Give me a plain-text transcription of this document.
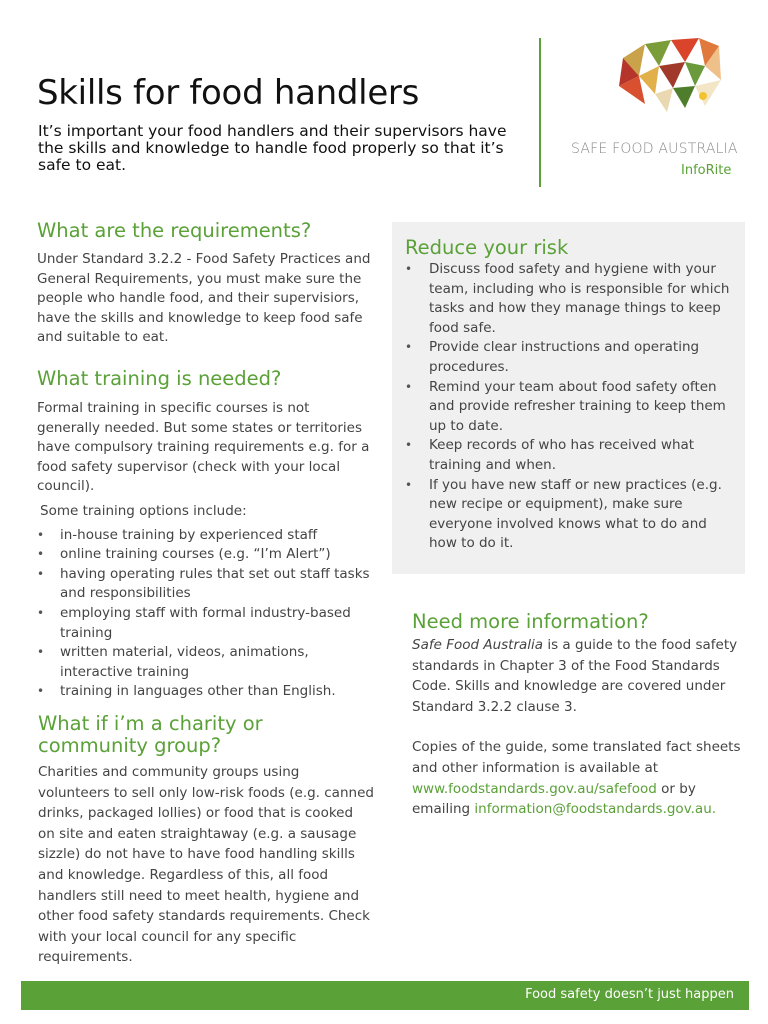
Skills for food handlers
It’s important your food handlers and their supervisors have the skills and knowledge to handle food properly so that it’s safe to eat.
SAFE FOOD AUSTRALIA
InfoRite
What are the requirements?
Under Standard 3.2.2 - Food Safety Practices and General Requirements, you must make sure the people who handle food, and their supervisiors, have the skills and knowledge to keep food safe and suitable to eat.
What training is needed?
Formal training in specific courses is not generally needed. But some states or territories have compulsory training requirements e.g. for a food safety supervisor (check with your local council).
Some training options include:
• in-house training by experienced staff
• online training courses (e.g. “I’m Alert”)
• having operating rules that set out staff tasks and responsibilities
• employing staff with formal industry-based training
• written material, videos, animations, interactive training
• training in languages other than English.
What if i’m a charity or community group?
Charities and community groups using volunteers to sell only low-risk foods (e.g. canned drinks, packaged lollies) or food that is cooked on site and eaten straightaway (e.g. a sausage sizzle) do not have to have food handling skills and knowledge. Regardless of this, all food handlers still need to meet health, hygiene and other food safety standards requirements. Check with your local council for any specific requirements.
Reduce your risk
• Discuss food safety and hygiene with your team, including who is responsible for which tasks and how they manage things to keep food safe.
• Provide clear instructions and operating procedures.
• Remind your team about food safety often and provide refresher training to keep them up to date.
• Keep records of who has received what training and when.
• If you have new staff or new practices (e.g. new recipe or equipment), make sure everyone involved knows what to do and how to do it.
Need more information?
Safe Food Australia is a guide to the food safety standards in Chapter 3 of the Food Standards Code. Skills and knowledge are covered under Standard 3.2.2 clause 3.
Copies of the guide, some translated fact sheets and other information is available at www.foodstandards.gov.au/safefood or by emailing information@foodstandards.gov.au.
Food safety doesn’t just happen
